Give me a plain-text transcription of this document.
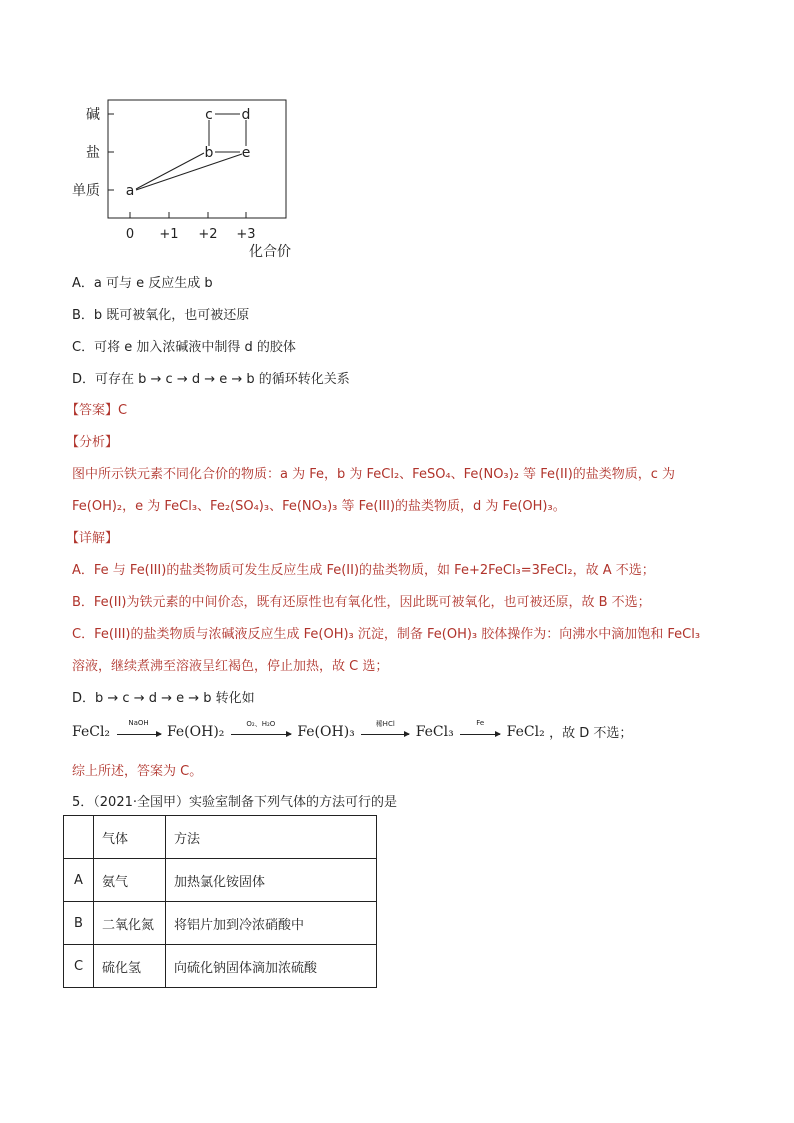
碱
盐
单质
0 +1 +2 +3
化合价
a
b
c d
e
A．a 可与 e 反应生成 b
B．b 既可被氧化，也可被还原
C．可将 e 加入浓碱液中制得 d 的胶体
D．可存在 b → c → d → e → b 的循环转化关系
【答案】C
【分析】
图中所示铁元素不同化合价的物质：a 为 Fe，b 为 FeCl₂、FeSO₄、Fe(NO₃)₂ 等 Fe(II)的盐类物质，c 为
Fe(OH)₂，e 为 FeCl₃、Fe₂(SO₄)₃、Fe(NO₃)₃ 等 Fe(III)的盐类物质，d 为 Fe(OH)₃。
【详解】
A．Fe 与 Fe(III)的盐类物质可发生反应生成 Fe(II)的盐类物质，如 Fe+2FeCl₃=3FeCl₂，故 A 不选；
B．Fe(II)为铁元素的中间价态，既有还原性也有氧化性，因此既可被氧化，也可被还原，故 B 不选；
C．Fe(III)的盐类物质与浓碱液反应生成 Fe(OH)₃ 沉淀，制备 Fe(OH)₃ 胶体操作为：向沸水中滴加饱和 FeCl₃
溶液，继续煮沸至溶液呈红褐色，停止加热，故 C 选；
D．b → c → d → e → b 转化如
FeCl₂
NaOH
Fe(OH)₂	O₂、H₂O	Fe(OH)₃	稀HCl	FeCl₃
Fe
FeCl₂ ，故 D 不选；
综上所述，答案为 C。
5．（2021·全国甲）实验室制备下列气体的方法可行的是
	气体	方法
A	氨气	加热氯化铵固体
B	二氧化氮	将铝片加到冷浓硝酸中
C	硫化氢	向硫化钠固体滴加浓硫酸
